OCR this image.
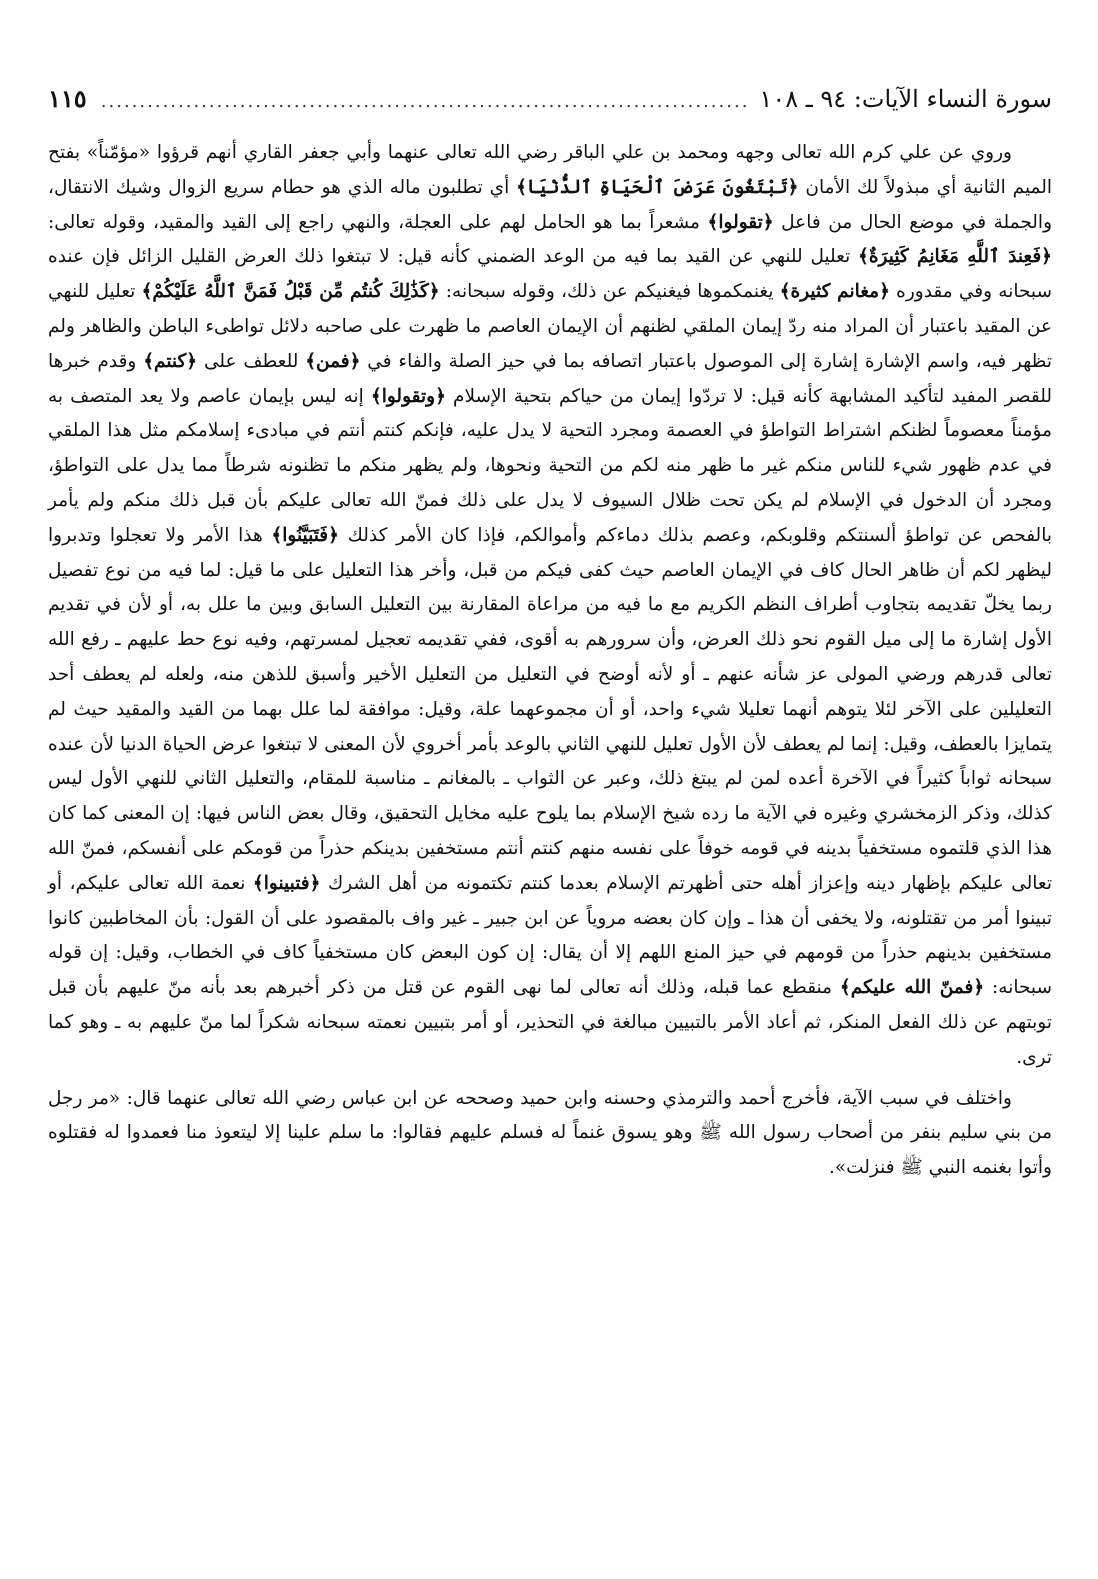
سورة النساء الآيات: ٩٤ ـ ١٠٨
.....
١١٥

وروي عن علي كرم الله تعالى وجهه ومحمد بن علي الباقر رضي الله تعالى عنهما وأبي جعفر القاري أنهم قرؤوا «مؤمّناً» بفتح الميم الثانية أي مبذولاً لك الأمان ﴿تَبْتَغُونَ عَرَضَ ٱلْحَيَاةِ ٱلدُّنْيَا﴾ أي تطلبون ماله الذي هو حطام سريع الزوال وشيك الانتقال، والجملة في موضع الحال من فاعل ﴿تقولوا﴾ مشعراً بما هو الحامل لهم على العجلة، والنهي راجع إلى القيد والمقيد، وقوله تعالى: ﴿فَعِندَ ٱللَّهِ مَغَانِمُ كَثِيرَةٌ﴾ تعليل للنهي عن القيد بما فيه من الوعد الضمني كأنه قيل: لا تبتغوا ذلك العرض القليل الزائل فإن عنده سبحانه وفي مقدوره ﴿مغانم كثيرة﴾ يغنمكموها فيغنيكم عن ذلك، وقوله سبحانه: ﴿كَذَٰلِكَ كُنتُم مِّن قَبْلُ فَمَنَّ ٱللَّهُ عَلَيْكُمْ﴾ تعليل للنهي عن المقيد باعتبار أن المراد منه ردّ إيمان الملقي لظنهم أن الإيمان العاصم ما ظهرت على صاحبه دلائل تواطىء الباطن والظاهر ولم تظهر فيه، واسم الإشارة إشارة إلى الموصول باعتبار اتصافه بما في حيز الصلة والفاء في ﴿فمن﴾ للعطف على ﴿كنتم﴾ وقدم خبرها للقصر المفيد لتأكيد المشابهة كأنه قيل: لا تردّوا إيمان من حياكم بتحية الإسلام ﴿وتقولوا﴾ إنه ليس بإيمان عاصم ولا يعد المتصف به مؤمناً معصوماً لظنكم اشتراط التواطؤ في العصمة ومجرد التحية لا يدل عليه، فإنكم كنتم أنتم في مبادىء إسلامكم مثل هذا الملقي في عدم ظهور شيء للناس منكم غير ما ظهر منه لكم من التحية ونحوها، ولم يظهر منكم ما تظنونه شرطاً مما يدل على التواطؤ، ومجرد أن الدخول في الإسلام لم يكن تحت ظلال السيوف لا يدل على ذلك فمنّ الله تعالى عليكم بأن قبل ذلك منكم ولم يأمر بالفحص عن تواطؤ ألسنتكم وقلوبكم، وعصم بذلك دماءكم وأموالكم، فإذا كان الأمر كذلك ﴿فَتَبَيَّنُوا﴾ هذا الأمر ولا تعجلوا وتدبروا ليظهر لكم أن ظاهر الحال كاف في الإيمان العاصم حيث كفى فيكم من قبل، وأخر هذا التعليل على ما قيل: لما فيه من نوع تفصيل ربما يخلّ تقديمه بتجاوب أطراف النظم الكريم مع ما فيه من مراعاة المقارنة بين التعليل السابق وبين ما علل به، أو لأن في تقديم الأول إشارة ما إلى ميل القوم نحو ذلك العرض، وأن سرورهم به أقوى، ففي تقديمه تعجيل لمسرتهم، وفيه نوع حط عليهم ـ رفع الله تعالى قدرهم ورضي المولى عز شأنه عنهم ـ أو لأنه أوضح في التعليل من التعليل الأخير وأسبق للذهن منه، ولعله لم يعطف أحد التعليلين على الآخر لئلا يتوهم أنهما تعليلا شيء واحد، أو أن مجموعهما علة، وقيل: موافقة لما علل بهما من القيد والمقيد حيث لم يتمايزا بالعطف، وقيل: إنما لم يعطف لأن الأول تعليل للنهي الثاني بالوعد بأمر أخروي لأن المعنى لا تبتغوا عرض الحياة الدنيا لأن عنده سبحانه ثواباً كثيراً في الآخرة أعده لمن لم يبتغ ذلك، وعبر عن الثواب ـ بالمغانم ـ مناسبة للمقام، والتعليل الثاني للنهي الأول ليس كذلك، وذكر الزمخشري وغيره في الآية ما رده شيخ الإسلام بما يلوح عليه مخايل التحقيق، وقال بعض الناس فيها: إن المعنى كما كان هذا الذي قلتموه مستخفياً بدينه في قومه خوفاً على نفسه منهم كنتم أنتم مستخفين بدينكم حذراً من قومكم على أنفسكم، فمنّ الله تعالى عليكم بإظهار دينه وإعزاز أهله حتى أظهرتم الإسلام بعدما كنتم تكتمونه من أهل الشرك ﴿فتبينوا﴾ نعمة الله تعالى عليكم، أو تبينوا أمر من تقتلونه، ولا يخفى أن هذا ـ وإن كان بعضه مروياً عن ابن جبير ـ غير واف بالمقصود على أن القول: بأن المخاطبين كانوا مستخفين بدينهم حذراً من قومهم في حيز المنع اللهم إلا أن يقال: إن كون البعض كان مستخفياً كاف في الخطاب، وقيل: إن قوله سبحانه: ﴿فمنّ الله عليكم﴾ منقطع عما قبله، وذلك أنه تعالى لما نهى القوم عن قتل من ذكر أخبرهم بعد بأنه منّ عليهم بأن قبل توبتهم عن ذلك الفعل المنكر، ثم أعاد الأمر بالتبيين مبالغة في التحذير، أو أمر بتبيين نعمته سبحانه شكراً لما منّ عليهم به ـ وهو كما ترى.

واختلف في سبب الآية، فأخرج أحمد والترمذي وحسنه وابن حميد وصححه عن ابن عباس رضي الله تعالى عنهما قال: «مر رجل من بني سليم بنفر من أصحاب رسول الله ﷺ وهو يسوق غنماً له فسلم عليهم فقالوا: ما سلم علينا إلا ليتعوذ منا فعمدوا له فقتلوه وأتوا بغنمه النبي ﷺ فنزلت».
